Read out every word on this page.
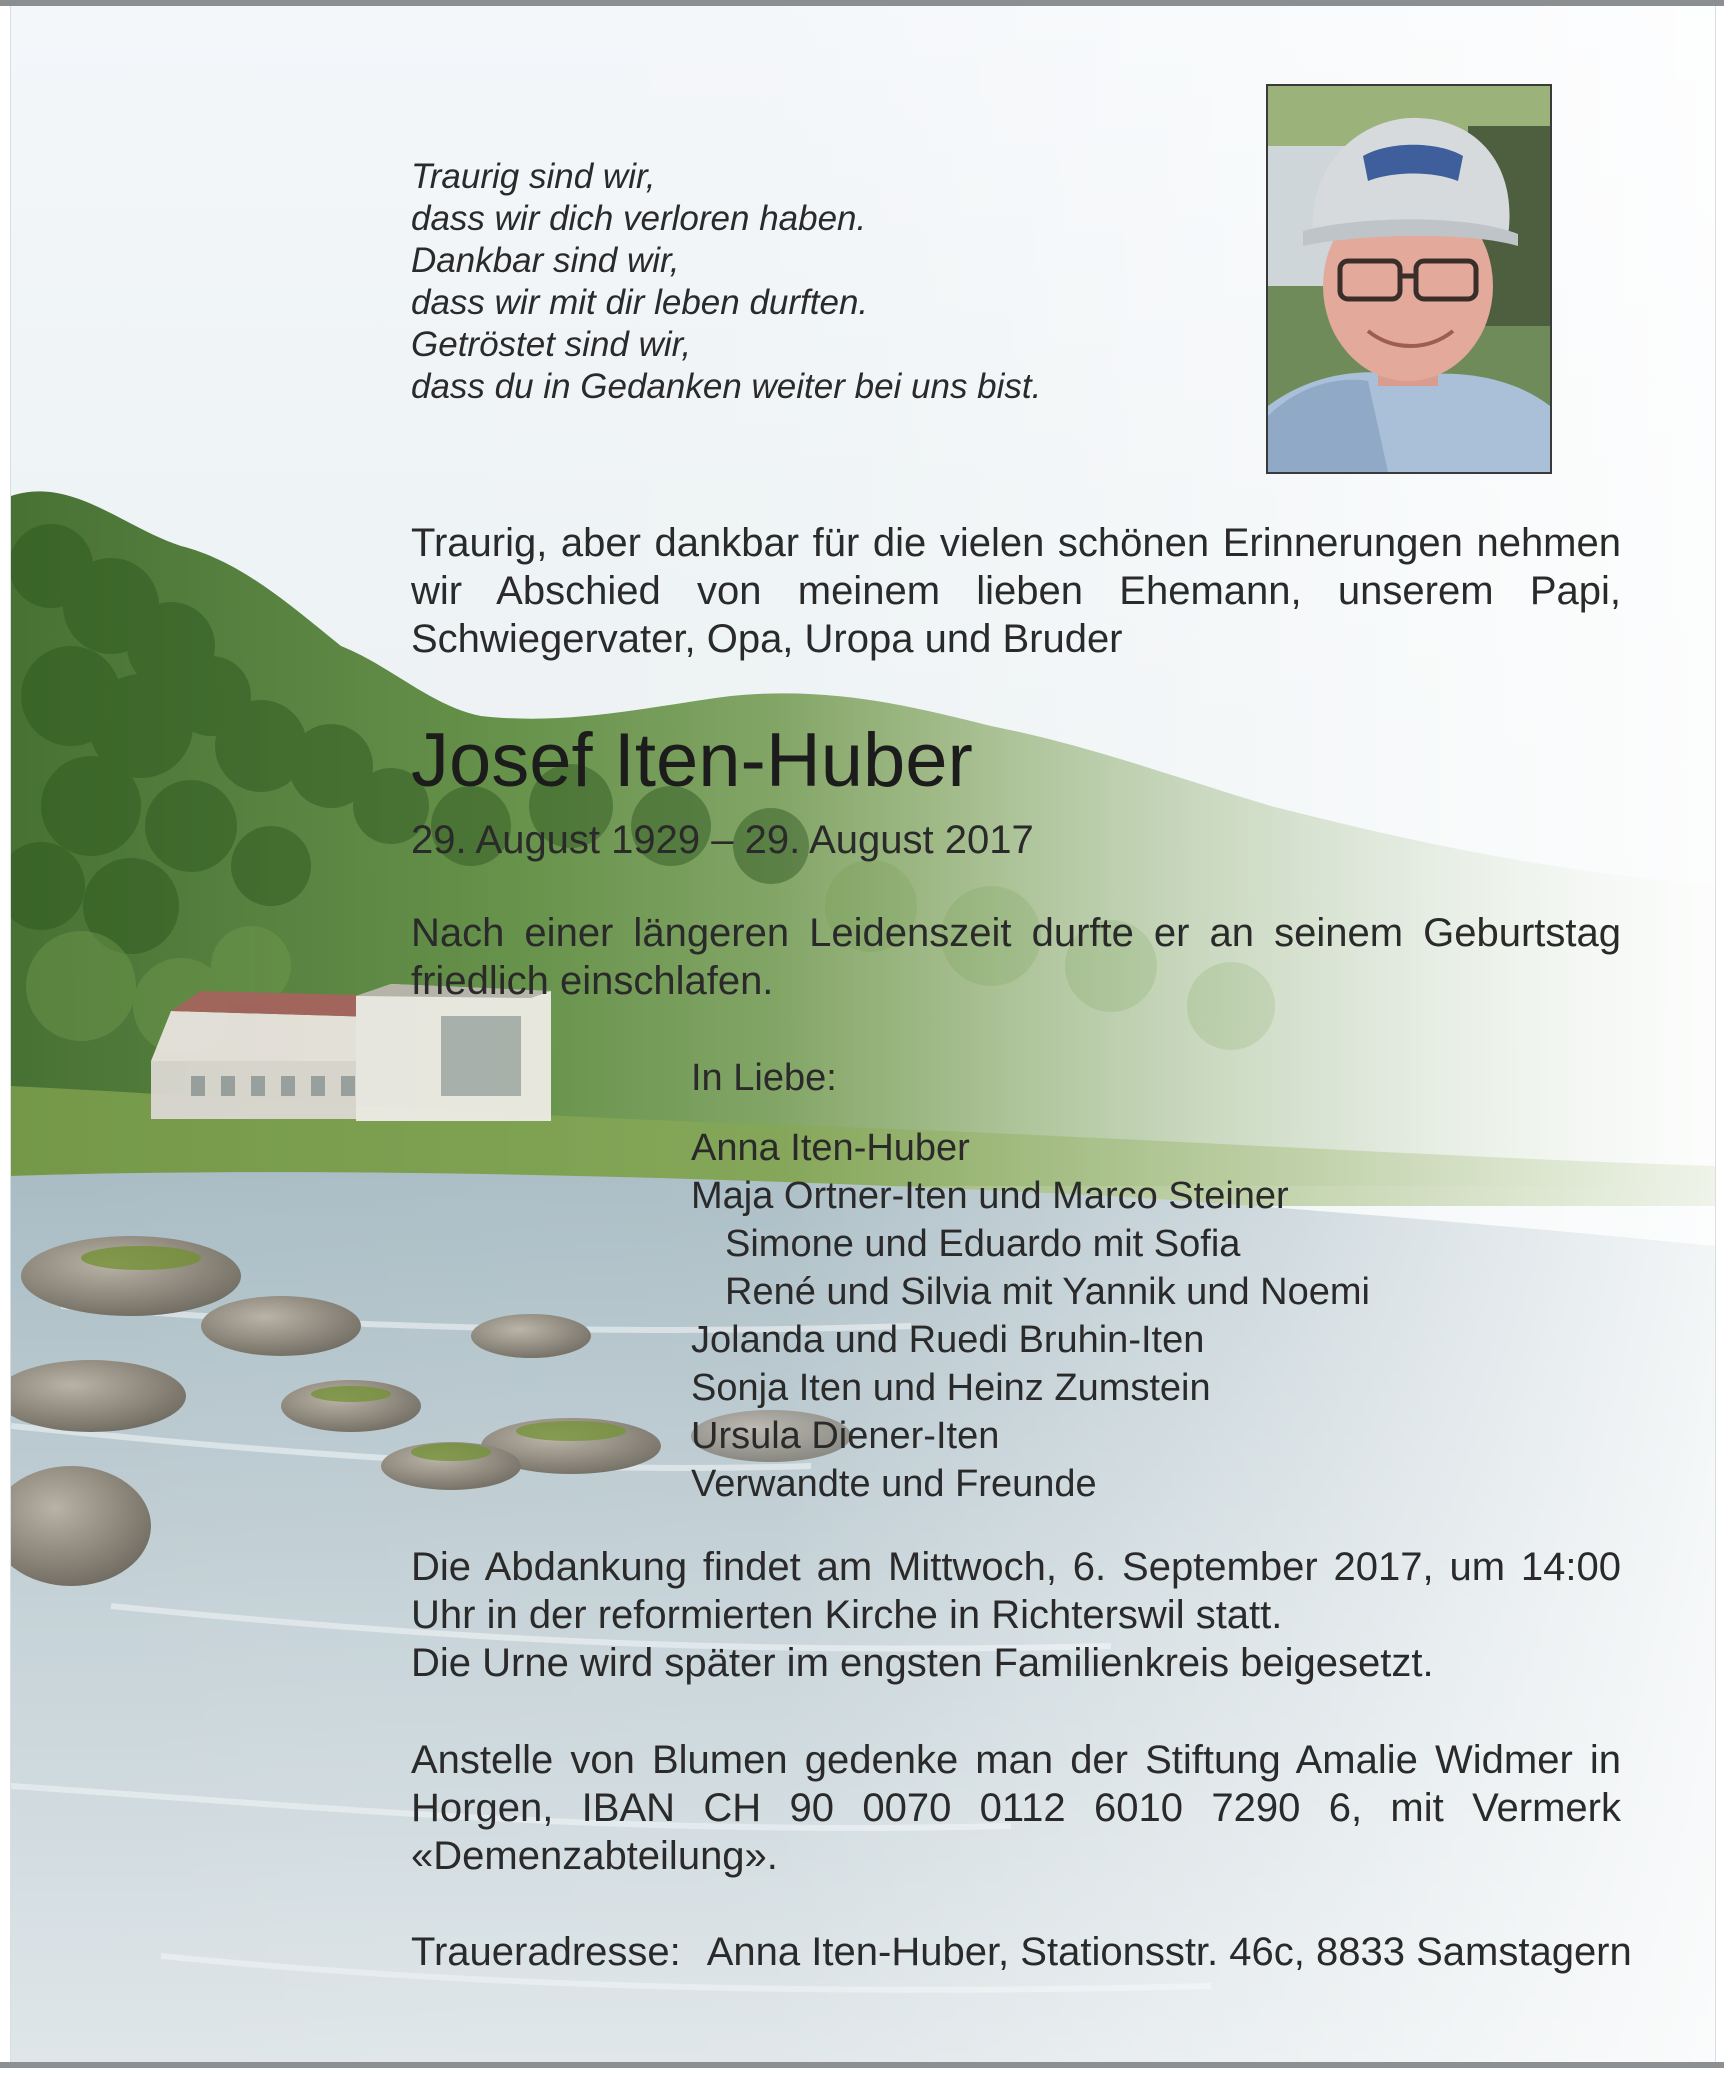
Traurig sind wir,
dass wir dich verloren haben.
Dankbar sind wir,
dass wir mit dir leben durften.
Getröstet sind wir,
dass du in Gedanken weiter bei uns bist.
Traurig, aber dankbar für die vielen schönen Erinnerungen nehmen wir Abschied von meinem lieben Ehemann, unserem Papi, Schwiegervater, Opa, Uropa und Bruder
Josef Iten-Huber
29. August 1929 – 29. August 2017
Nach einer längeren Leidenszeit durfte er an seinem Geburtstag friedlich einschlafen.
In Liebe:
Anna Iten-Huber
Maja Ortner-Iten und Marco Steiner
Simone und Eduardo mit Sofia
René und Silvia mit Yannik und Noemi
Jolanda und Ruedi Bruhin-Iten
Sonja Iten und Heinz Zumstein
Ursula Diener-Iten
Verwandte und Freunde
Die Abdankung findet am Mittwoch, 6. September 2017, um 14:00 Uhr in der reformierten Kirche in Richterswil statt.
Die Urne wird später im engsten Familienkreis beigesetzt.
Anstelle von Blumen gedenke man der Stiftung Amalie Widmer in Horgen, IBAN CH 90 0070 0112 6010 7290 6, mit Vermerk «Demenzabteilung».
Traueradresse: Anna Iten-Huber, Stationsstr. 46c, 8833 Samstagern
